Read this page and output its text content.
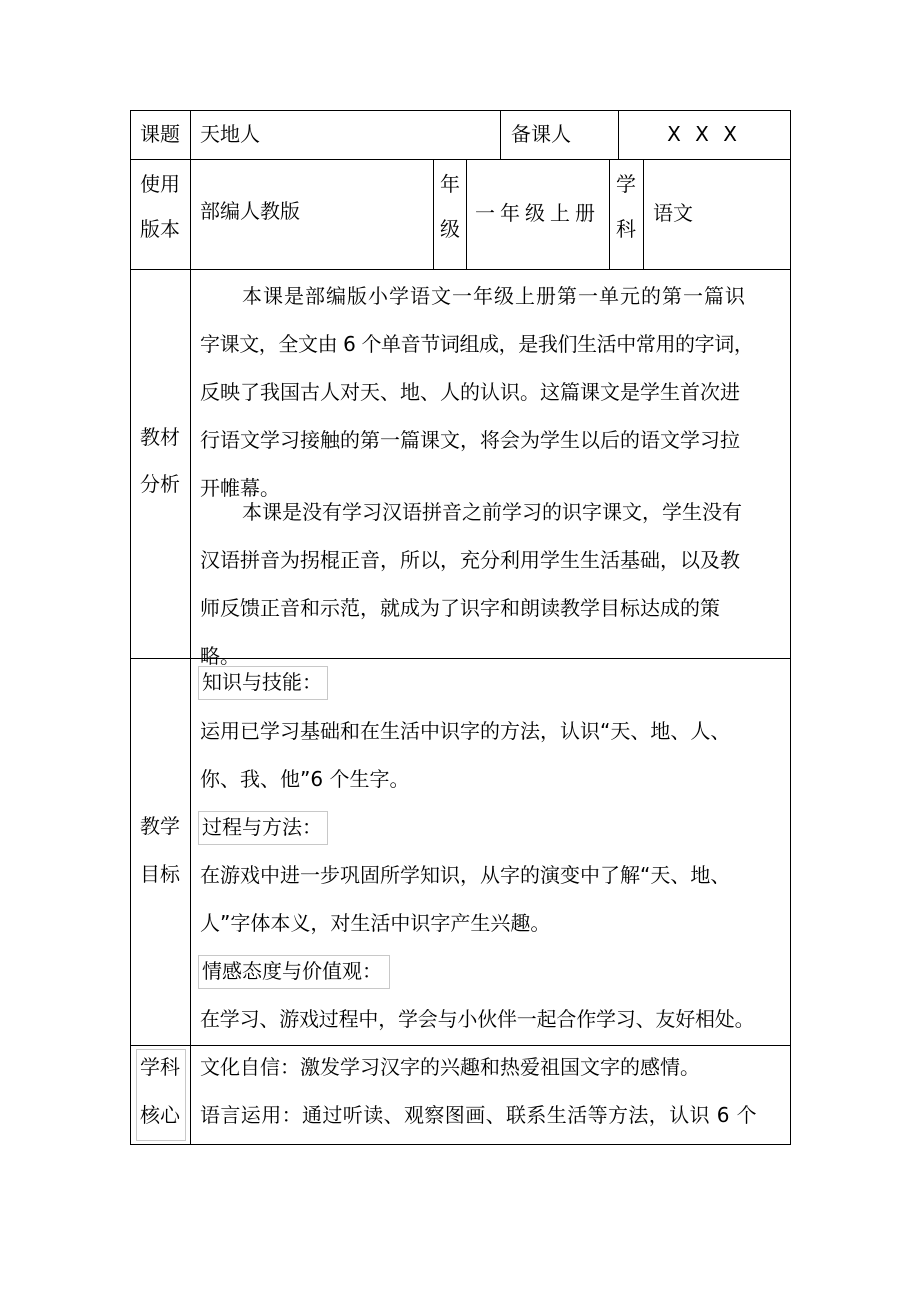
课题 天地人	备课人	X X X
使用
版本
部编人教版
年
级
一年级上册
学
科
语文
教材
分析
本课是部编版小学语文一年级上册第一单元的第一篇识
字课文，全文由 6 个单音节词组成，是我们生活中常用的字词，
反映了我国古人对天、地、人的认识。这篇课文是学生首次进
行语文学习接触的第一篇课文，将会为学生以后的语文学习拉
开帷幕。
本课是没有学习汉语拼音之前学习的识字课文，学生没有
汉语拼音为拐棍正音，所以，充分利用学生生活基础，以及教
师反馈正音和示范，就成为了识字和朗读教学目标达成的策
略。
教学
目标
知识与技能：
运用已学习基础和在生活中识字的方法，认识“天、地、人、
你、我、他”6 个生字。
过程与方法：
在游戏中进一步巩固所学知识，从字的演变中了解“天、地、
人”字体本义，对生活中识字产生兴趣。
情感态度与价值观：
在学习、游戏过程中，学会与小伙伴一起合作学习、友好相处。
学科
核心
文化自信：激发学习汉字的兴趣和热爱祖国文字的感情。
语言运用：通过听读、观察图画、联系生活等方法，认识 6 个
